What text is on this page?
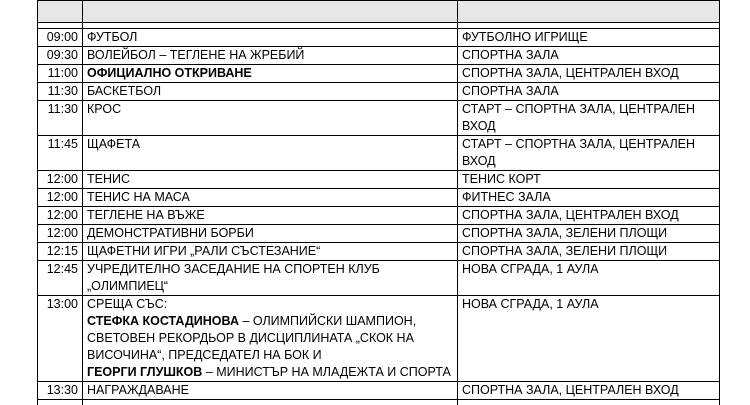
09:00	ФУТБОЛ	ФУТБОЛНО ИГРИЩЕ
09:30	ВОЛЕЙБОЛ – ТЕГЛЕНЕ НА ЖРЕБИЙ	СПОРТНА ЗАЛА
11:00	ОФИЦИАЛНО ОТКРИВАНЕ	СПОРТНА ЗАЛА, ЦЕНТРАЛЕН ВХОД
11:30	БАСКЕТБОЛ	СПОРТНА ЗАЛА
11:30	КРОС	СТАРТ – СПОРТНА ЗАЛА, ЦЕНТРАЛЕН ВХОД
11:45	ЩАФЕТА	СТАРТ – СПОРТНА ЗАЛА, ЦЕНТРАЛЕН ВХОД
12:00	ТЕНИС	ТЕНИС КОРТ
12:00	ТЕНИС НА МАСА	ФИТНЕС ЗАЛА
12:00	ТЕГЛЕНЕ НА ВЪЖЕ	СПОРТНА ЗАЛА, ЦЕНТРАЛЕН ВХОД
12:00	ДЕМОНСТРАТИВНИ БОРБИ	СПОРТНА ЗАЛА, ЗЕЛЕНИ ПЛОЩИ
12:15	ЩАФЕТНИ ИГРИ „РАЛИ СЪСТЕЗАНИЕ“	СПОРТНА ЗАЛА, ЗЕЛЕНИ ПЛОЩИ
12:45	УЧРЕДИТЕЛНО ЗАСЕДАНИЕ НА СПОРТЕН КЛУБ „ОЛИМПИЕЦ“	НОВА СГРАДА, 1 АУЛА
13:00	СРЕЩА СЪС:
СТЕФКА КОСТАДИНОВА – ОЛИМПИЙСКИ ШАМПИОН,
СВЕТОВЕН РЕКОРДЬОР В ДИСЦИПЛИНАТА „СКОК НА
ВИСОЧИНА“, ПРЕДСЕДАТЕЛ НА БОК И
ГЕОРГИ ГЛУШКОВ – МИНИСТЪР НА МЛАДЕЖТА И СПОРТА	НОВА СГРАДА, 1 АУЛА
13:30	НАГРАЖДАВАНЕ	СПОРТНА ЗАЛА, ЦЕНТРАЛЕН ВХОД
